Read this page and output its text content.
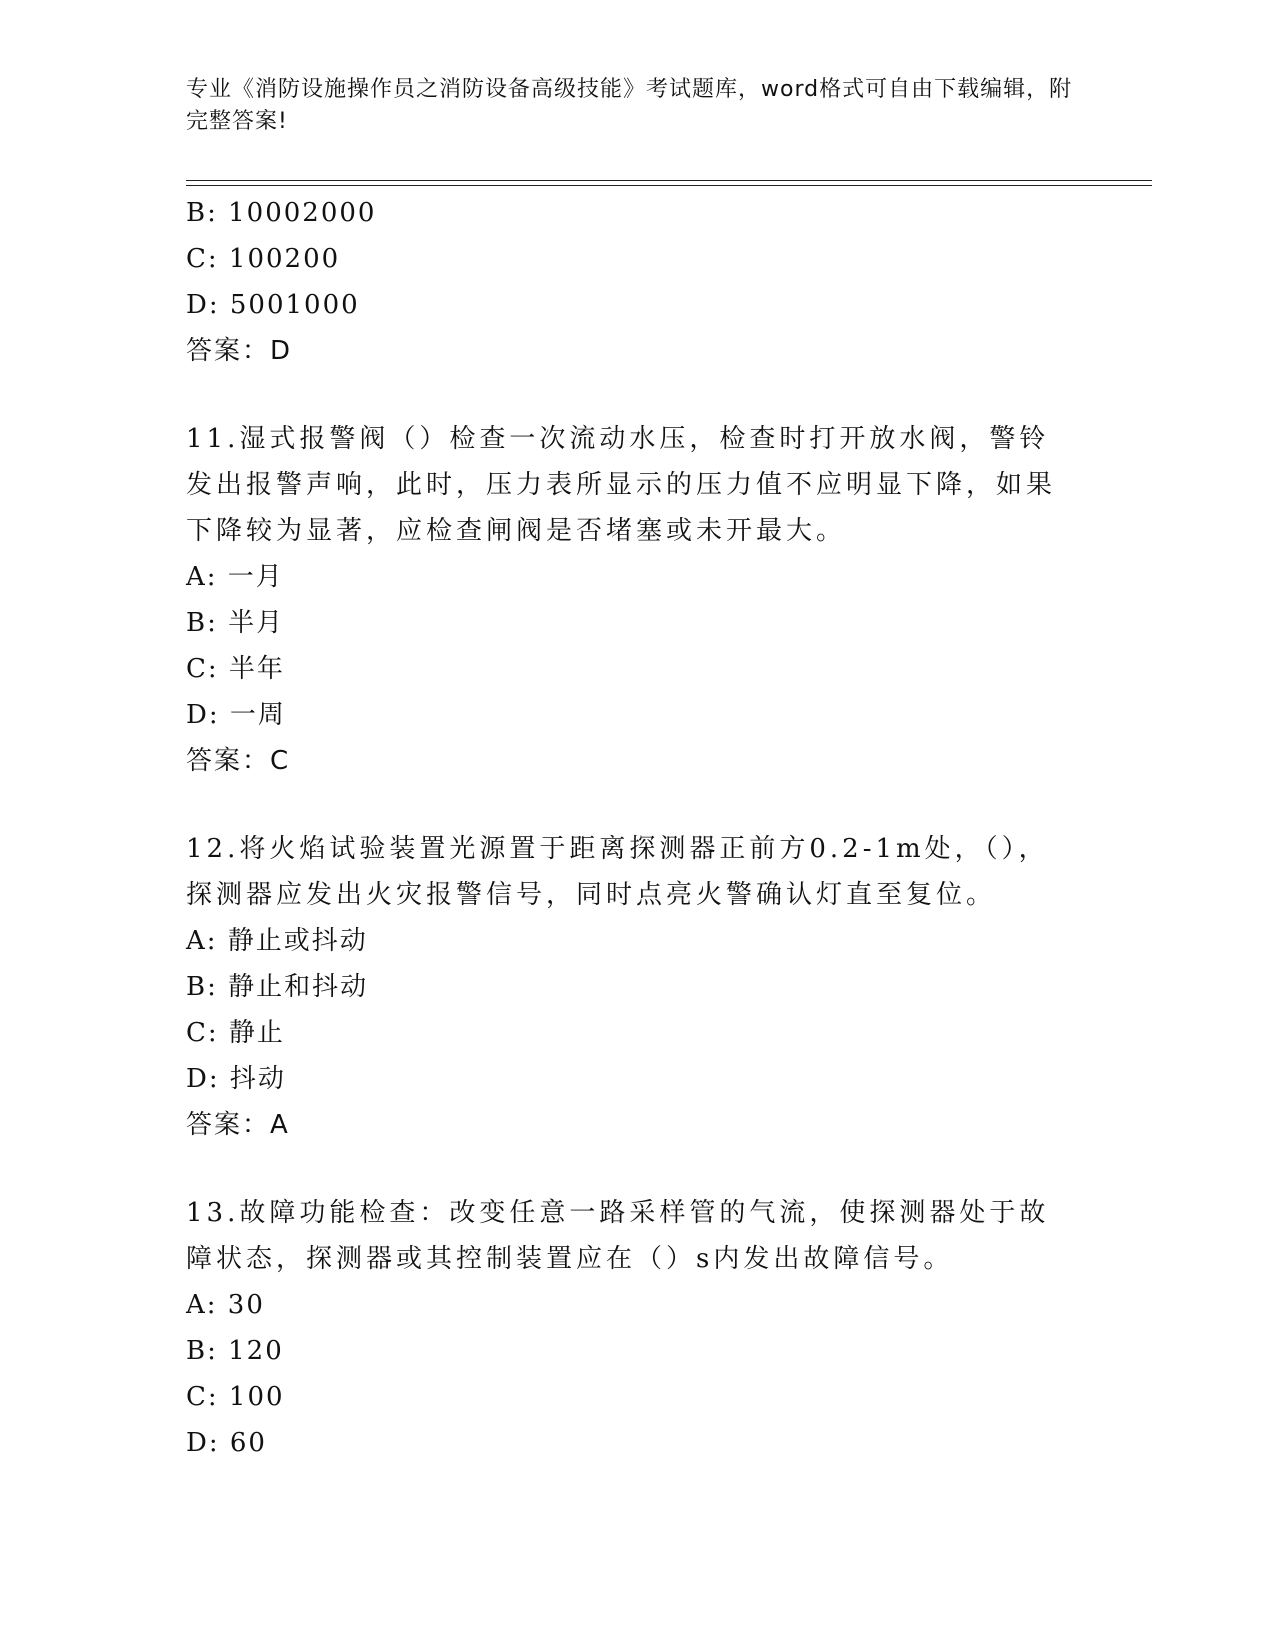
专业《消防设施操作员之消防设备高级技能》考试题库，word格式可自由下载编辑，附完整答案!
B: 10002000
C: 100200
D: 5001000
答案：D
11.湿式报警阀（）检查一次流动水压，检查时打开放水阀，警铃发出报警声响，此时，压力表所显示的压力值不应明显下降，如果下降较为显著，应检查闸阀是否堵塞或未开最大。
A: 一月
B: 半月
C: 半年
D: 一周
答案：C
12.将火焰试验装置光源置于距离探测器正前方0.2-1m处，（），探测器应发出火灾报警信号，同时点亮火警确认灯直至复位。
A: 静止或抖动
B: 静止和抖动
C: 静止
D: 抖动
答案：A
13.故障功能检查：改变任意一路采样管的气流，使探测器处于故障状态，探测器或其控制装置应在（）s内发出故障信号。
A: 30
B: 120
C: 100
D: 60
